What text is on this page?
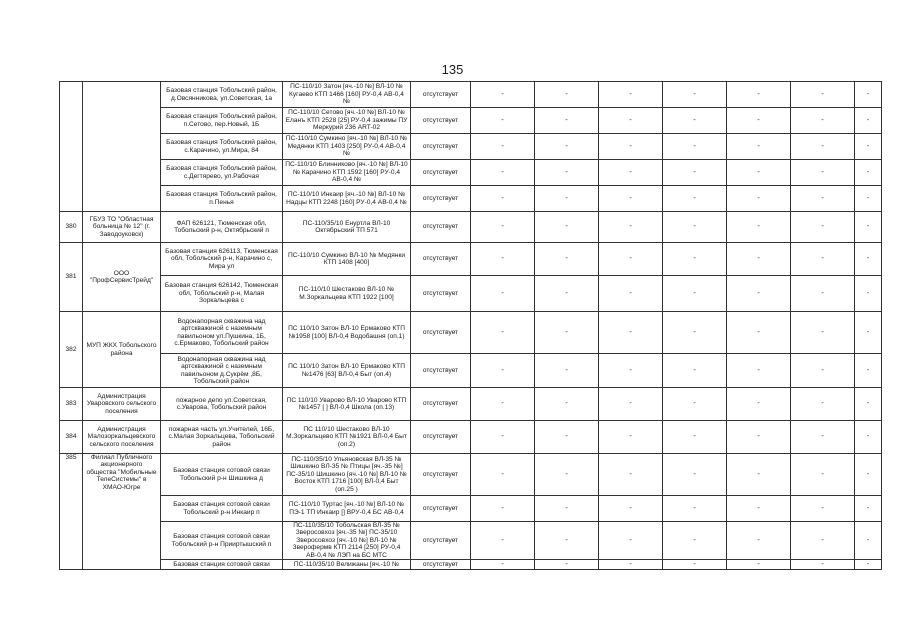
135
		Базовая станция Тобольский район, д.Овсянникова, ул.Советская, 1а	ПС-110/10 Затон [яч.-10 №] ВЛ-10 № Кугаево КТП 1466 [160] РУ-0,4 АВ-0,4 №	отсутствует	-	-	-	-	-	-	-
		Базовая станция Тобольский район, п.Сетово, пер.Новый, 1Б	ПС-110/10 Сетово [яч.-10 №] ВЛ-10 № Еланъ КТП 2528 [25] РУ-0,4 зажимы ПУ Меркурий 236 ART-02	отсутствует	-	-	-	-	-	-	-
		Базовая станция Тобольский район, с.Карачино, ул.Мира, 84	ПС-110/10 Сумкино [яч.-10 №] ВЛ-10 № Медянки КТП 1403 [250] РУ-0,4 АВ-0,4 №	отсутствует	-	-	-	-	-	-	-
		Базовая станция Тобольский район, с.Дегтярево, ул.Рабочая	ПС-110/10 Блинниково [яч.-10 №] ВЛ-10 № Карачино КТП 1592 [160] РУ-0,4 АВ-0,4 №	отсутствует	-	-	-	-	-	-	-
		Базовая станция Тобольский район, п.Пенья	ПС-110/10 Инкаир [яч.-10 №] ВЛ-10 № Надцы КТП 2248 [160] РУ-0,4 АВ-0,4 №	отсутствует	-	-	-	-	-	-	-
380	ГБУЗ ТО "Областная больница № 12" (г. Заводоуковск)	ФАП 626121, Тюменская обл, Тобольский р-н, Октябрьский п	ПС-110/35/10 Енуртла ВЛ-10 Октябрьский ТП 571	отсутствует	-	-	-	-	-	-	-
381	ООО "ПрофСервисТрейд"	Базовая станция 626113, Тюменская обл, Тобольский р-н, Карачино с, Мира ул	ПС-110/10 Сумкино ВЛ-10 № Медянки КТП 1408 [400]	отсутствует	-	-	-	-	-	-	-
		Базовая станция 626142, Тюменская обл, Тобольский р-н, Малая Зоркальцева с	ПС-110/10 Шестаково ВЛ-10 № М.Зоркальцева КТП 1922 [100]	отсутствует	-	-	-	-	-	-	-
382	МУП ЖКХ Тобольского района	Водонапорная скважина над артскважиной с наземным павильоном ул.Пушкина, 1Б, с.Ермаково, Тобольский район	ПС 110/10 Затон ВЛ-10 Ермаково КТП №1958 [100] ВЛ-0,4 Водобашня (оп.1)	отсутствует	-	-	-	-	-	-	-
		Водонапорная скважина над артскважиной с наземным павильоном д.Сукрём ,8Б, Тобольский район	ПС 110/10 Затон ВЛ-10 Ермаково КТП №1476 [63] ВЛ-0,4 Быт (оп.4)	отсутствует	-	-	-	-	-	-	-
383	Администрация Уваровского сельского поселения	пожарное депо ул.Советская, с.Уварова, Тобольский район	ПС 110/10 Уварово ВЛ-10 Уварово КТП №1457 [ ] ВЛ-0,4 Школа (оп.13)	отсутствует	-	-	-	-	-	-	-
384	Администрация Малозоркальцевского сельского поселения	пожарная часть ул.Учителей, 16Б, с.Малая Зоркальцева, Тобольский район	ПС 110/10 Шестаково ВЛ-10 М.Зоркальцево КТП №1921 ВЛ-0,4 Быт (оп.2)	отсутствует	-	-	-	-	-	-	-
385	Филиал Публичного акционерного общества "Мобильные ТелеСистемы" в ХМАО-Югре	Базовая станция сотовой связи Тобольский р-н Шишкина д	ПС-110/35/10 Ульяновская ВЛ-35 № Шишкино ВЛ-35 № Птицы [яч.-35 №] ПС-35/10 Шишкино [яч.-10 №] ВЛ-10 № Восток КТП 1716 [100] ВЛ-0,4 Быт (оп.25 )	отсутствует	-	-	-	-	-	-	-
		Базовая станция сотовой связи Тобольский р-н Инкаир п	ПС-110/10 Туртас [яч.-10 №] ВЛ-10 № ПЭ-1 ТП Инкаир [] ВРУ-0,4 БС АВ-0,4	отсутствует	-	-	-	-	-	-	-
		Базовая станция сотовой связи Тобольский р-н Прииртышский п	ПС-110/35/10 Тобольская ВЛ-35 № Зверосовхоз [яч.-35 №] ПС-35/10 Зверосовхоз [яч.-10 №] ВЛ-10 № Зверофермв КТП 2114 [250] РУ-0,4 АВ-0,4 № ЛЭП на БС МТС	отсутствует	-	-	-	-	-	-	-
		Базовая станция сотовой связи	ПС-110/35/10 Велижаны [яч.-10 №	отсутствует	-	-	-	-	-	-	-
